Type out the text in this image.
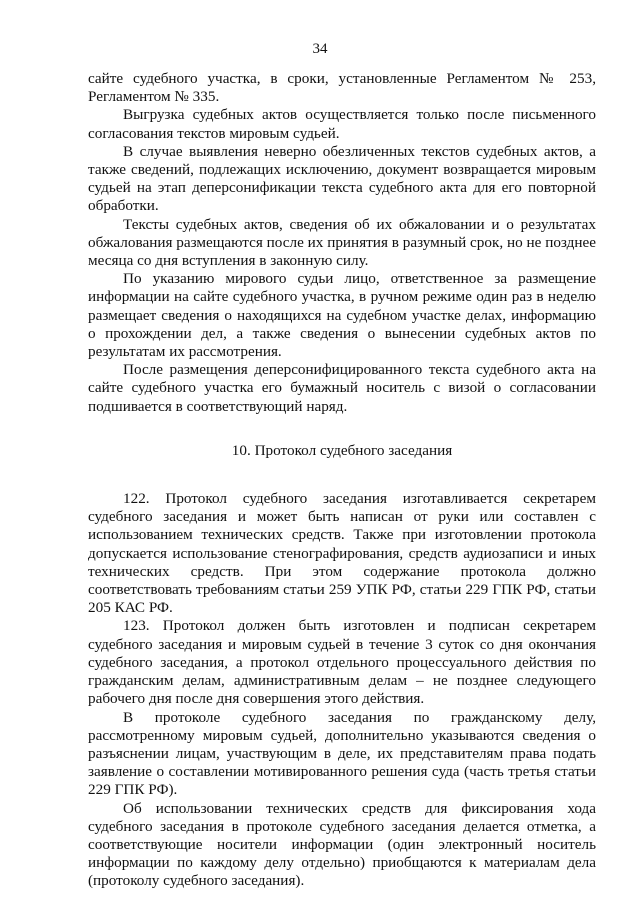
34

сайте судебного участка, в сроки, установленные Регламентом № 253, Регламентом № 335.

Выгрузка судебных актов осуществляется только после письменного согласования текстов мировым судьей.

В случае выявления неверно обезличенных текстов судебных актов, а также сведений, подлежащих исключению, документ возвращается мировым судьей на этап деперсонификации текста судебного акта для его повторной обработки.

Тексты судебных актов, сведения об их обжаловании и о результатах обжалования размещаются после их принятия в разумный срок, но не позднее месяца со дня вступления в законную силу.

По указанию мирового судьи лицо, ответственное за размещение информации на сайте судебного участка, в ручном режиме один раз в неделю размещает сведения о находящихся на судебном участке делах, информацию о прохождении дел, а также сведения о вынесении судебных актов по результатам их рассмотрения.

После размещения деперсонифицированного текста судебного акта на сайте судебного участка его бумажный носитель с визой о согласовании подшивается в соответствующий наряд.

10. Протокол судебного заседания

122. Протокол судебного заседания изготавливается секретарем судебного заседания и может быть написан от руки или составлен с использованием технических средств. Также при изготовлении протокола допускается использование стенографирования, средств аудиозаписи и иных технических средств. При этом содержание протокола должно соответствовать требованиям статьи 259 УПК РФ, статьи 229 ГПК РФ, статьи 205 КАС РФ.

123. Протокол должен быть изготовлен и подписан секретарем судебного заседания и мировым судьей в течение 3 суток со дня окончания судебного заседания, а протокол отдельного процессуального действия по гражданским делам, административным делам – не позднее следующего рабочего дня после дня совершения этого действия.

В протоколе судебного заседания по гражданскому делу, рассмотренному мировым судьей, дополнительно указываются сведения о разъяснении лицам, участвующим в деле, их представителям права подать заявление о составлении мотивированного решения суда (часть третья статьи 229 ГПК РФ).

Об использовании технических средств для фиксирования хода судебного заседания в протоколе судебного заседания делается отметка, а соответствующие носители информации (один электронный носитель информации по каждому делу отдельно) приобщаются к материалам дела (протоколу судебного заседания).
